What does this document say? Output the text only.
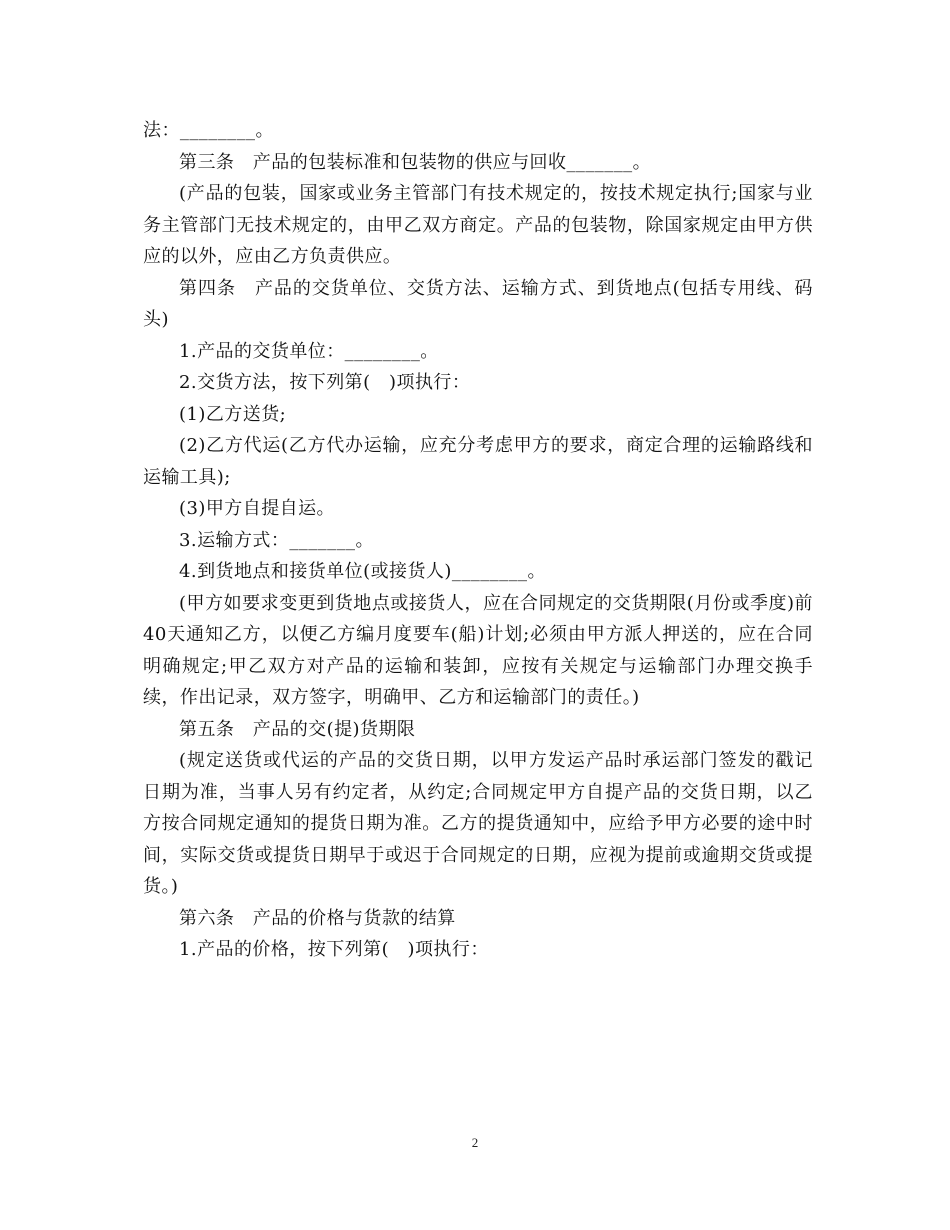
法：________。

第三条　产品的包装标准和包装物的供应与回收_______。

(产品的包装，国家或业务主管部门有技术规定的，按技术规定执行;国家与业务主管部门无技术规定的，由甲乙双方商定。产品的包装物，除国家规定由甲方供应的以外，应由乙方负责供应。

第四条　产品的交货单位、交货方法、运输方式、到货地点(包括专用线、码头)

1.产品的交货单位：________。

2.交货方法，按下列第(　)项执行：

(1)乙方送货;

(2)乙方代运(乙方代办运输，应充分考虑甲方的要求，商定合理的运输路线和运输工具);

(3)甲方自提自运。

3.运输方式：_______。

4.到货地点和接货单位(或接货人)________。

(甲方如要求变更到货地点或接货人，应在合同规定的交货期限(月份或季度)前40天通知乙方，以便乙方编月度要车(船)计划;必须由甲方派人押送的，应在合同明确规定;甲乙双方对产品的运输和装卸，应按有关规定与运输部门办理交换手续，作出记录，双方签字，明确甲、乙方和运输部门的责任。)

第五条　产品的交(提)货期限

(规定送货或代运的产品的交货日期，以甲方发运产品时承运部门签发的戳记日期为准，当事人另有约定者，从约定;合同规定甲方自提产品的交货日期，以乙方按合同规定通知的提货日期为准。乙方的提货通知中，应给予甲方必要的途中时间，实际交货或提货日期早于或迟于合同规定的日期，应视为提前或逾期交货或提货。)

第六条　产品的价格与货款的结算

1.产品的价格，按下列第(　)项执行：

2
